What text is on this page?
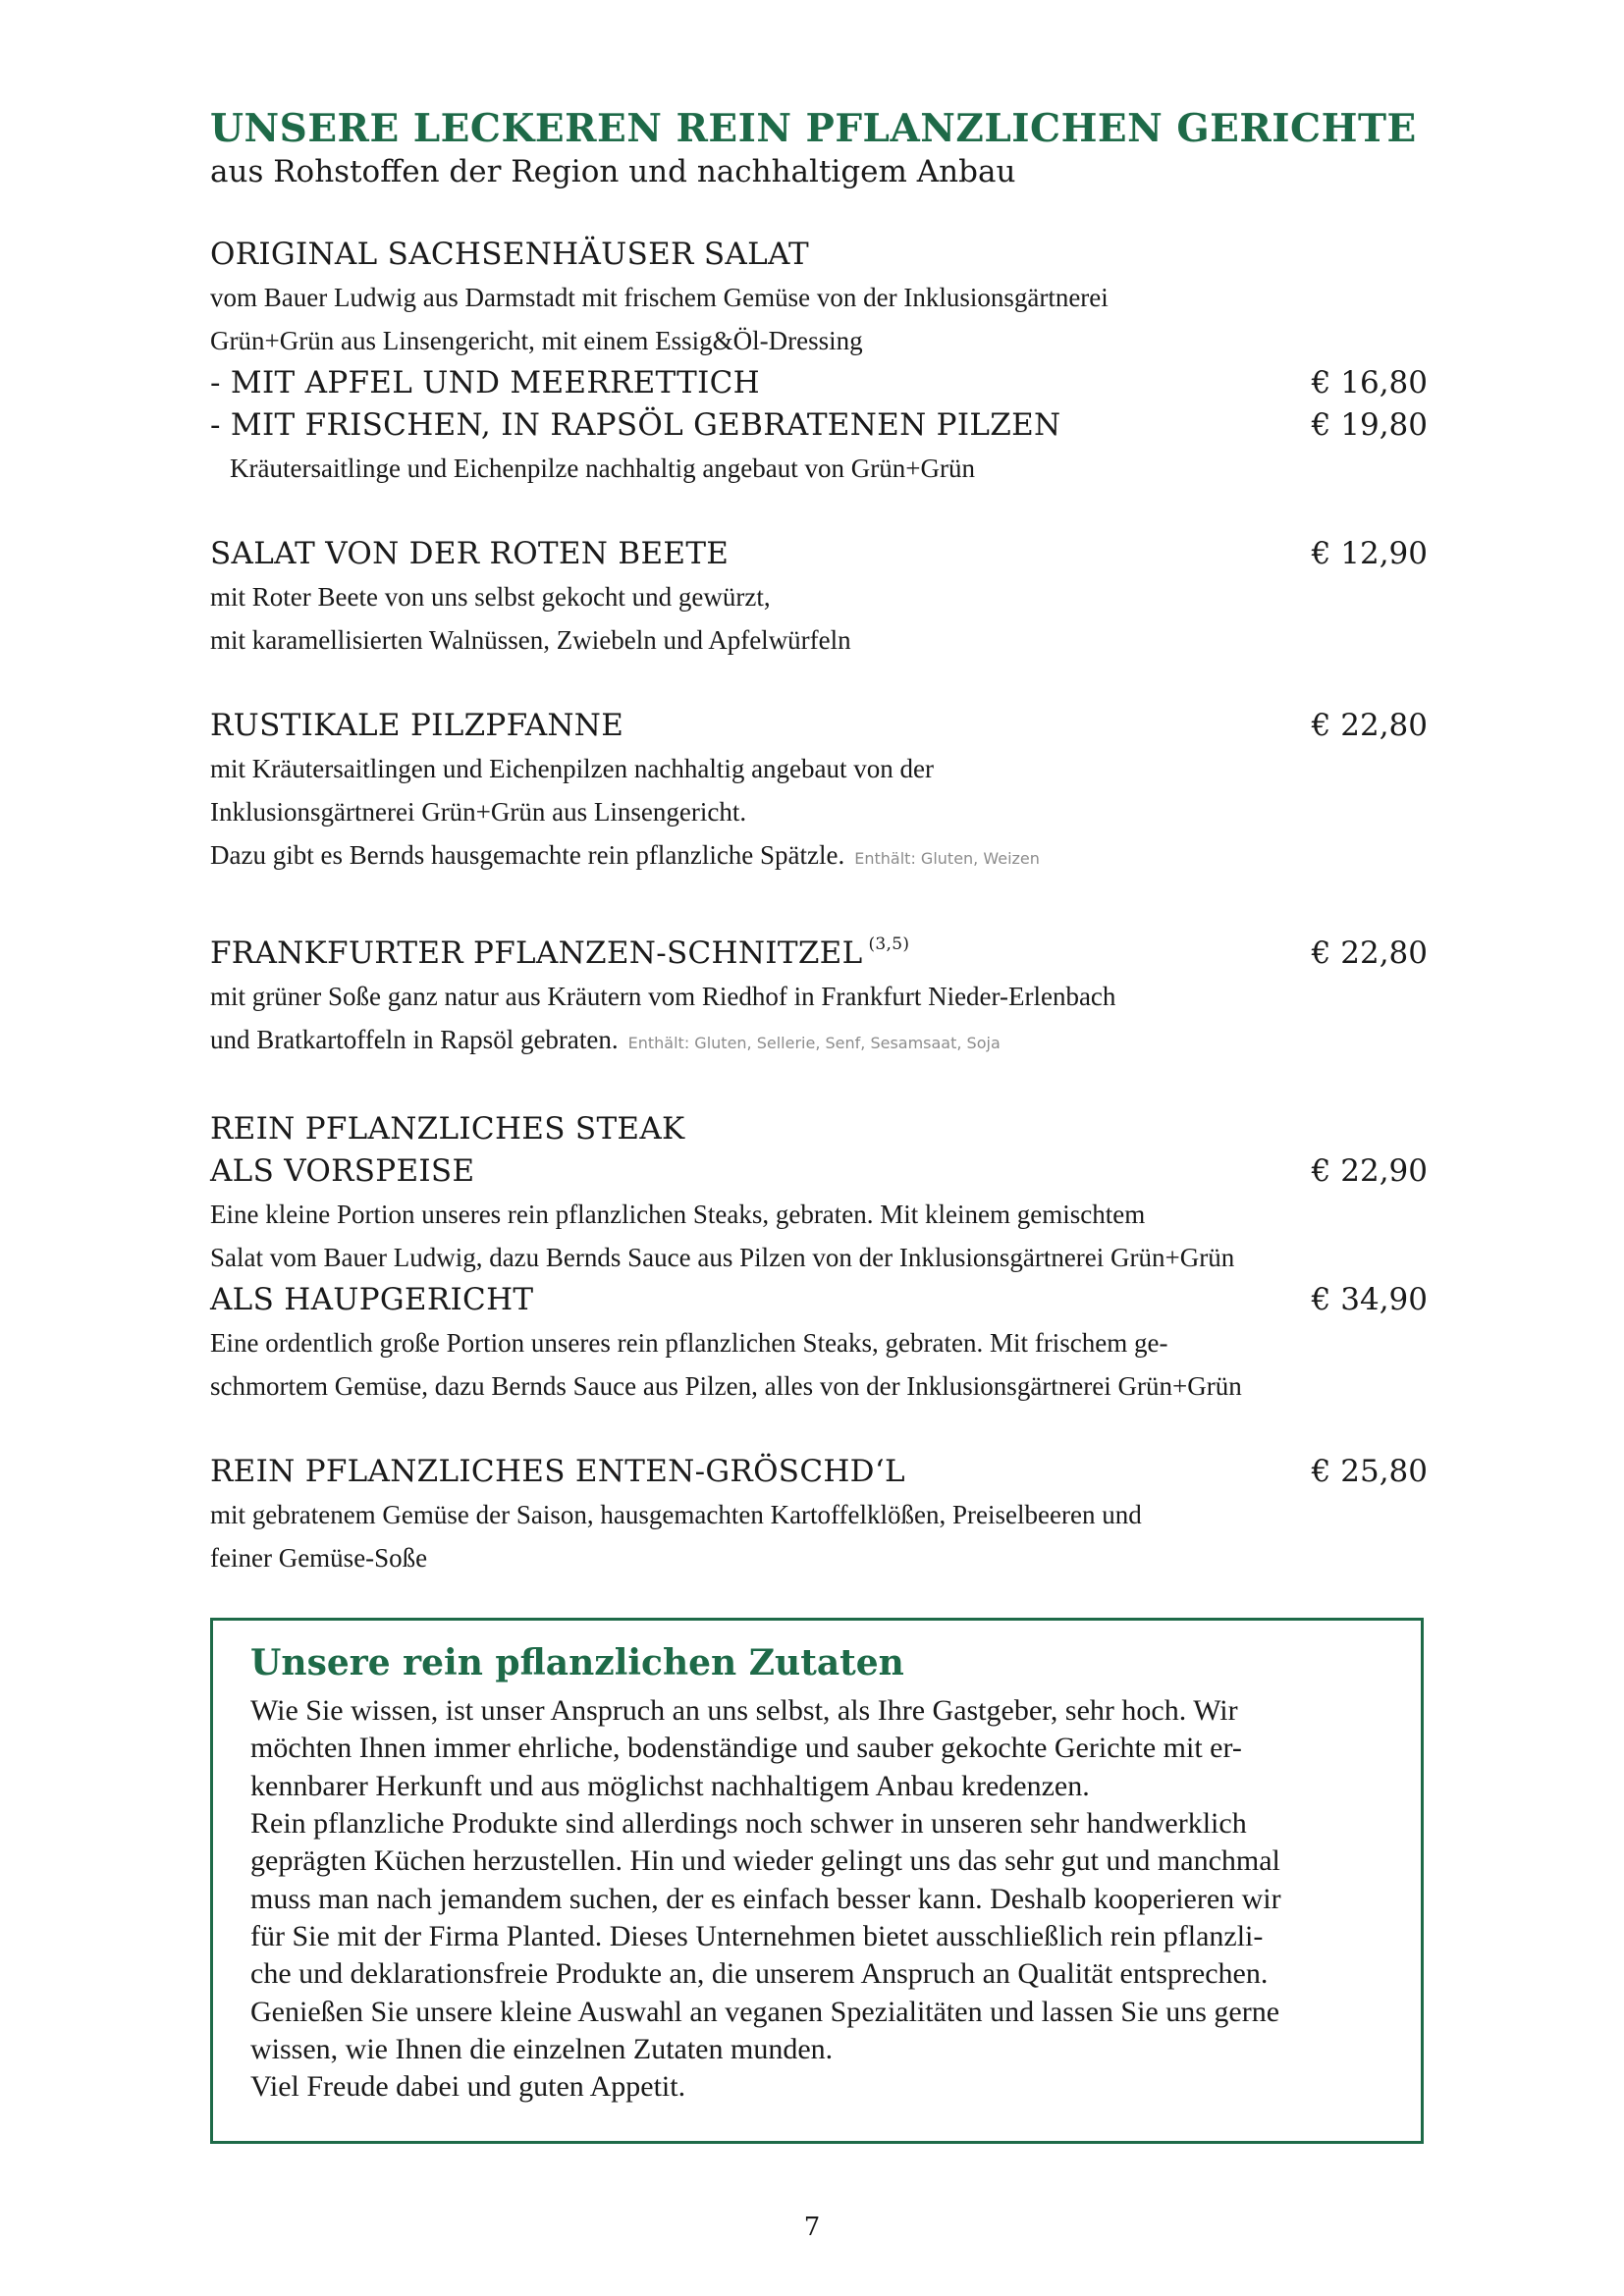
UNSERE LECKEREN REIN PFLANZLICHEN GERICHTE
aus Rohstoffen der Region und nachhaltigem Anbau
ORIGINAL SACHSENHÄUSER SALAT
vom Bauer Ludwig aus Darmstadt mit frischem Gemüse von der Inklusionsgärtnerei
Grün+Grün aus Linsengericht, mit einem Essig&Öl-Dressing
- MIT APFEL UND MEERRETTICH	€ 16,80
- MIT FRISCHEN, IN RAPSÖL GEBRATENEN PILZEN	€ 19,80
Kräutersaitlinge und Eichenpilze nachhaltig angebaut von Grün+Grün
SALAT VON DER ROTEN BEETE	€ 12,90
mit Roter Beete von uns selbst gekocht und gewürzt,
mit karamellisierten Walnüssen, Zwiebeln und Apfelwürfeln
RUSTIKALE PILZPFANNE	€ 22,80
mit Kräutersaitlingen und Eichenpilzen nachhaltig angebaut von der
Inklusionsgärtnerei Grün+Grün aus Linsengericht.
Dazu gibt es Bernds hausgemachte rein pflanzliche Spätzle. Enthält: Gluten, Weizen
FRANKFURTER PFLANZEN-SCHNITZEL $^{(3,5)}$	€ 22,80
mit grüner Soße ganz natur aus Kräutern vom Riedhof in Frankfurt Nieder-Erlenbach
und Bratkartoffeln in Rapsöl gebraten. Enthält: Gluten, Sellerie, Senf, Sesamsaat, Soja
REIN PFLANZLICHES STEAK
ALS VORSPEISE	€ 22,90
Eine kleine Portion unseres rein pflanzlichen Steaks, gebraten. Mit kleinem gemischtem
Salat vom Bauer Ludwig, dazu Bernds Sauce aus Pilzen von der Inklusionsgärtnerei Grün+Grün
ALS HAUPGERICHT	€ 34,90
Eine ordentlich große Portion unseres rein pflanzlichen Steaks, gebraten. Mit frischem ge-
schmortem Gemüse, dazu Bernds Sauce aus Pilzen, alles von der Inklusionsgärtnerei Grün+Grün
REIN PFLANZLICHES ENTEN-GRÖSCHD‘L	€ 25,80
mit gebratenem Gemüse der Saison, hausgemachten Kartoffelklößen, Preiselbeeren und
feiner Gemüse-Soße
Unsere rein pflanzlichen Zutaten
Wie Sie wissen, ist unser Anspruch an uns selbst, als Ihre Gastgeber, sehr hoch. Wir
möchten Ihnen immer ehrliche, bodenständige und sauber gekochte Gerichte mit er-
kennbarer Herkunft und aus möglichst nachhaltigem Anbau kredenzen.
Rein pflanzliche Produkte sind allerdings noch schwer in unseren sehr handwerklich
geprägten Küchen herzustellen. Hin und wieder gelingt uns das sehr gut und manchmal
muss man nach jemandem suchen, der es einfach besser kann. Deshalb kooperieren wir
für Sie mit der Firma Planted. Dieses Unternehmen bietet ausschließlich rein pflanzli-
che und deklarationsfreie Produkte an, die unserem Anspruch an Qualität entsprechen.
Genießen Sie unsere kleine Auswahl an veganen Spezialitäten und lassen Sie uns gerne
wissen, wie Ihnen die einzelnen Zutaten munden.
Viel Freude dabei und guten Appetit.
7
